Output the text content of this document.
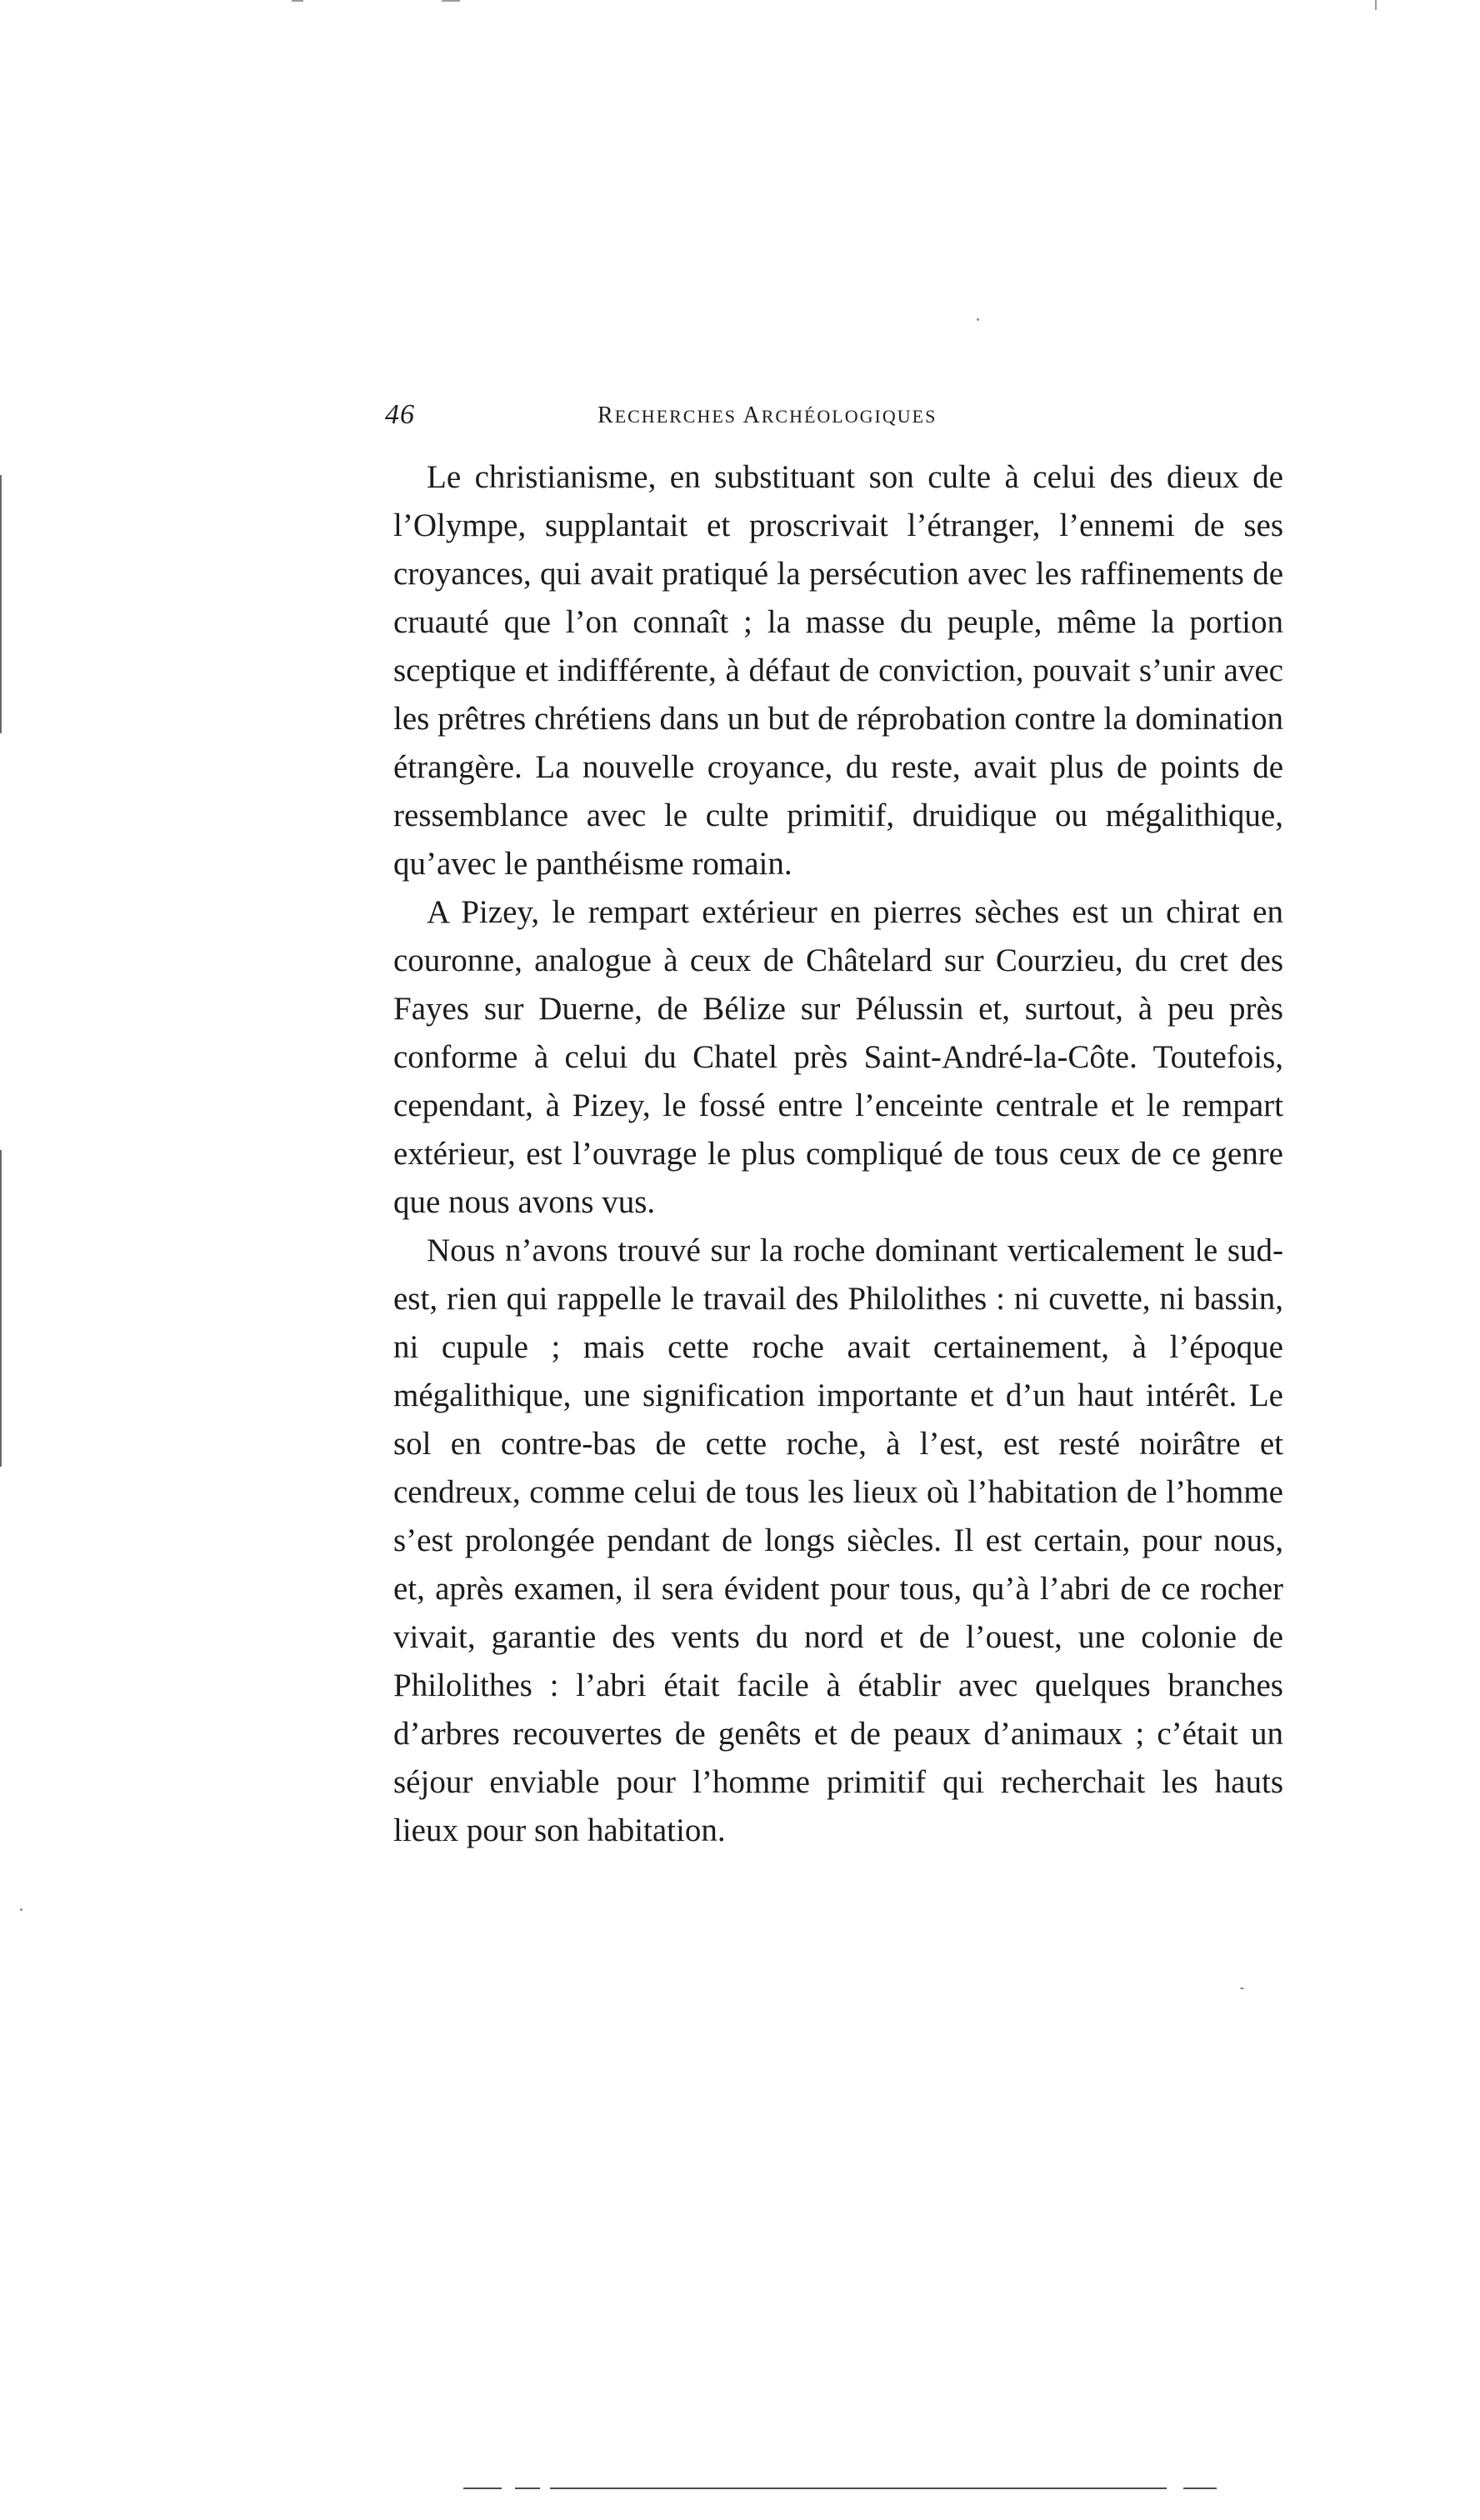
46	RECHERCHES ARCHÉOLOGIQUES

Le christianisme, en substituant son culte à celui des dieux de l’Olympe, supplantait et proscrivait l’étranger, l’ennemi de ses croyances, qui avait pratiqué la persécution avec les raffinements de cruauté que l’on connaît ; la masse du peuple, même la portion sceptique et indifférente, à défaut de conviction, pouvait s’unir avec les prêtres chrétiens dans un but de réprobation contre la domination étrangère. La nouvelle croyance, du reste, avait plus de points de ressemblance avec le culte primitif, druidique ou mégalithique, qu’avec le panthéisme romain.

A Pizey, le rempart extérieur en pierres sèches est un chirat en couronne, analogue à ceux de Châtelard sur Courzieu, du cret des Fayes sur Duerne, de Bélize sur Pélussin et, surtout, à peu près conforme à celui du Chatel près Saint-André-la-Côte. Toutefois, cependant, à Pizey, le fossé entre l’enceinte centrale et le rempart extérieur, est l’ouvrage le plus compliqué de tous ceux de ce genre que nous avons vus.

Nous n’avons trouvé sur la roche dominant verticalement le sud-est, rien qui rappelle le travail des Philolithes : ni cuvette, ni bassin, ni cupule ; mais cette roche avait certainement, à l’époque mégalithique, une signification importante et d’un haut intérêt. Le sol en contre-bas de cette roche, à l’est, est resté noirâtre et cendreux, comme celui de tous les lieux où l’habitation de l’homme s’est prolongée pendant de longs siècles. Il est certain, pour nous, et, après examen, il sera évident pour tous, qu’à l’abri de ce rocher vivait, garantie des vents du nord et de l’ouest, une colonie de Philolithes : l’abri était facile à établir avec quelques branches d’arbres recouvertes de genêts et de peaux d’animaux ; c’était un séjour enviable pour l’homme primitif qui recherchait les hauts lieux pour son habitation.
